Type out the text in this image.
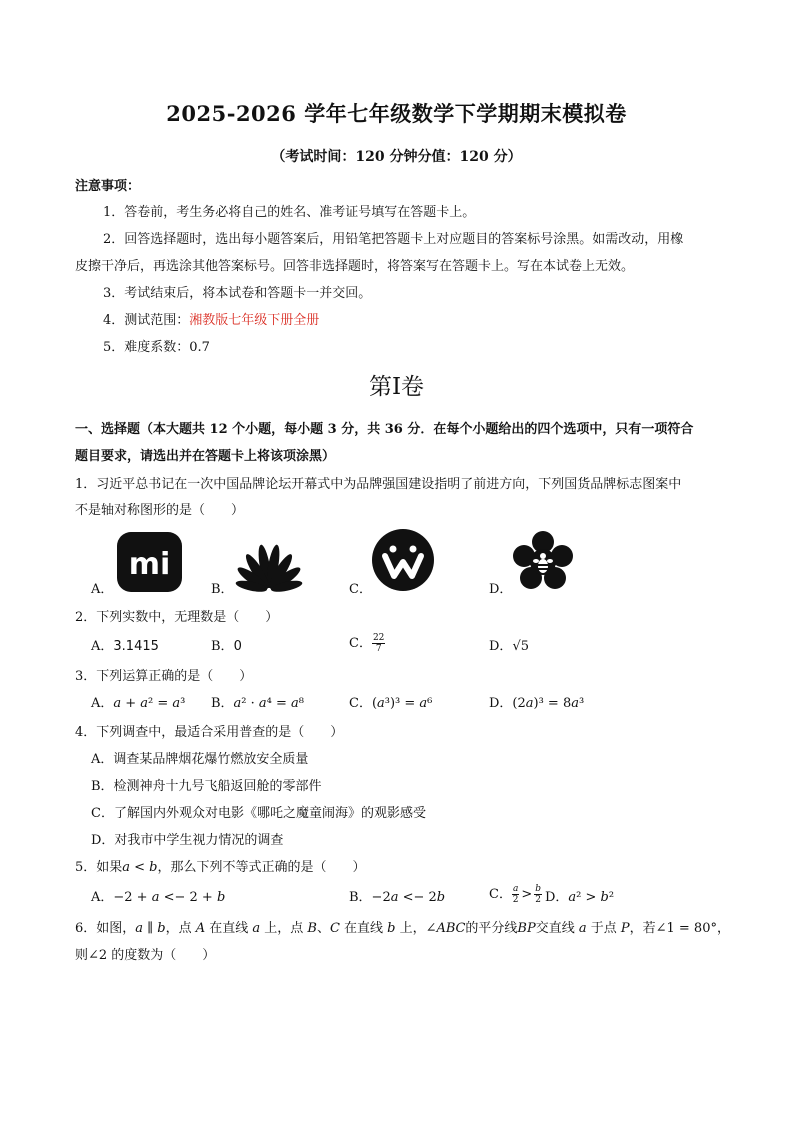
2025-2026 学年七年级数学下学期期末模拟卷
（考试时间：120 分钟分值：120 分）
注意事项：
1．答卷前，考生务必将自己的姓名、准考证号填写在答题卡上。
2．回答选择题时，选出每小题答案后，用铅笔把答题卡上对应题目的答案标号涂黑。如需改动，用橡
皮擦干净后，再选涂其他答案标号。回答非选择题时，将答案写在答题卡上。写在本试卷上无效。
3．考试结束后，将本试卷和答题卡一并交回。
4．测试范围：湘教版七年级下册全册
5．难度系数：0.7
第I卷
一、选择题（本大题共 12 个小题，每小题 3 分，共 36 分．在每个小题给出的四个选项中，只有一项符合
题目要求，请选出并在答题卡上将该项涂黑）
1．习近平总书记在一次中国品牌论坛开幕式中为品牌强国建设指明了前进方向，下列国货品牌标志图案中
不是轴对称图形的是（　　）
A．
mi
B．	C．	D．
2．下列实数中，无理数是（　　）
A．3.1415	B．0	C． $\frac{22}{7}$	D．√5
3．下列运算正确的是（　　）
A．𝑎 + 𝑎² = 𝑎³ B．𝑎² · 𝑎⁴ = 𝑎⁸	C．(𝑎³)³ = 𝑎⁶	D．(2𝑎)³ = 8𝑎³
4．下列调查中，最适合采用普查的是（　　）
A．调查某品牌烟花爆竹燃放安全质量
B．检测神舟十九号飞船返回舱的零部件
C．了解国内外观众对电影《哪吒之魔童闹海》的观影感受
D．对我市中学生视力情况的调查
5．如果𝑎 < 𝑏，那么下列不等式正确的是（　　）
A．−2 + 𝑎 <− 2 + 𝑏	B．−2𝑎 <− 2𝑏	C． $\frac{\text{𝑎}}{2} > \frac{\text{𝑏}}{2}$ D．𝑎² > 𝑏²
6．如图，𝑎 ∥ 𝑏，点 𝐴 在直线 𝑎 上，点 𝐵、𝐶 在直线 𝑏 上，∠𝐴𝐵𝐶的平分线𝐵𝑃交直线 𝑎 于点 𝑃，若∠1 = 80°，
则∠2 的度数为（　　）
